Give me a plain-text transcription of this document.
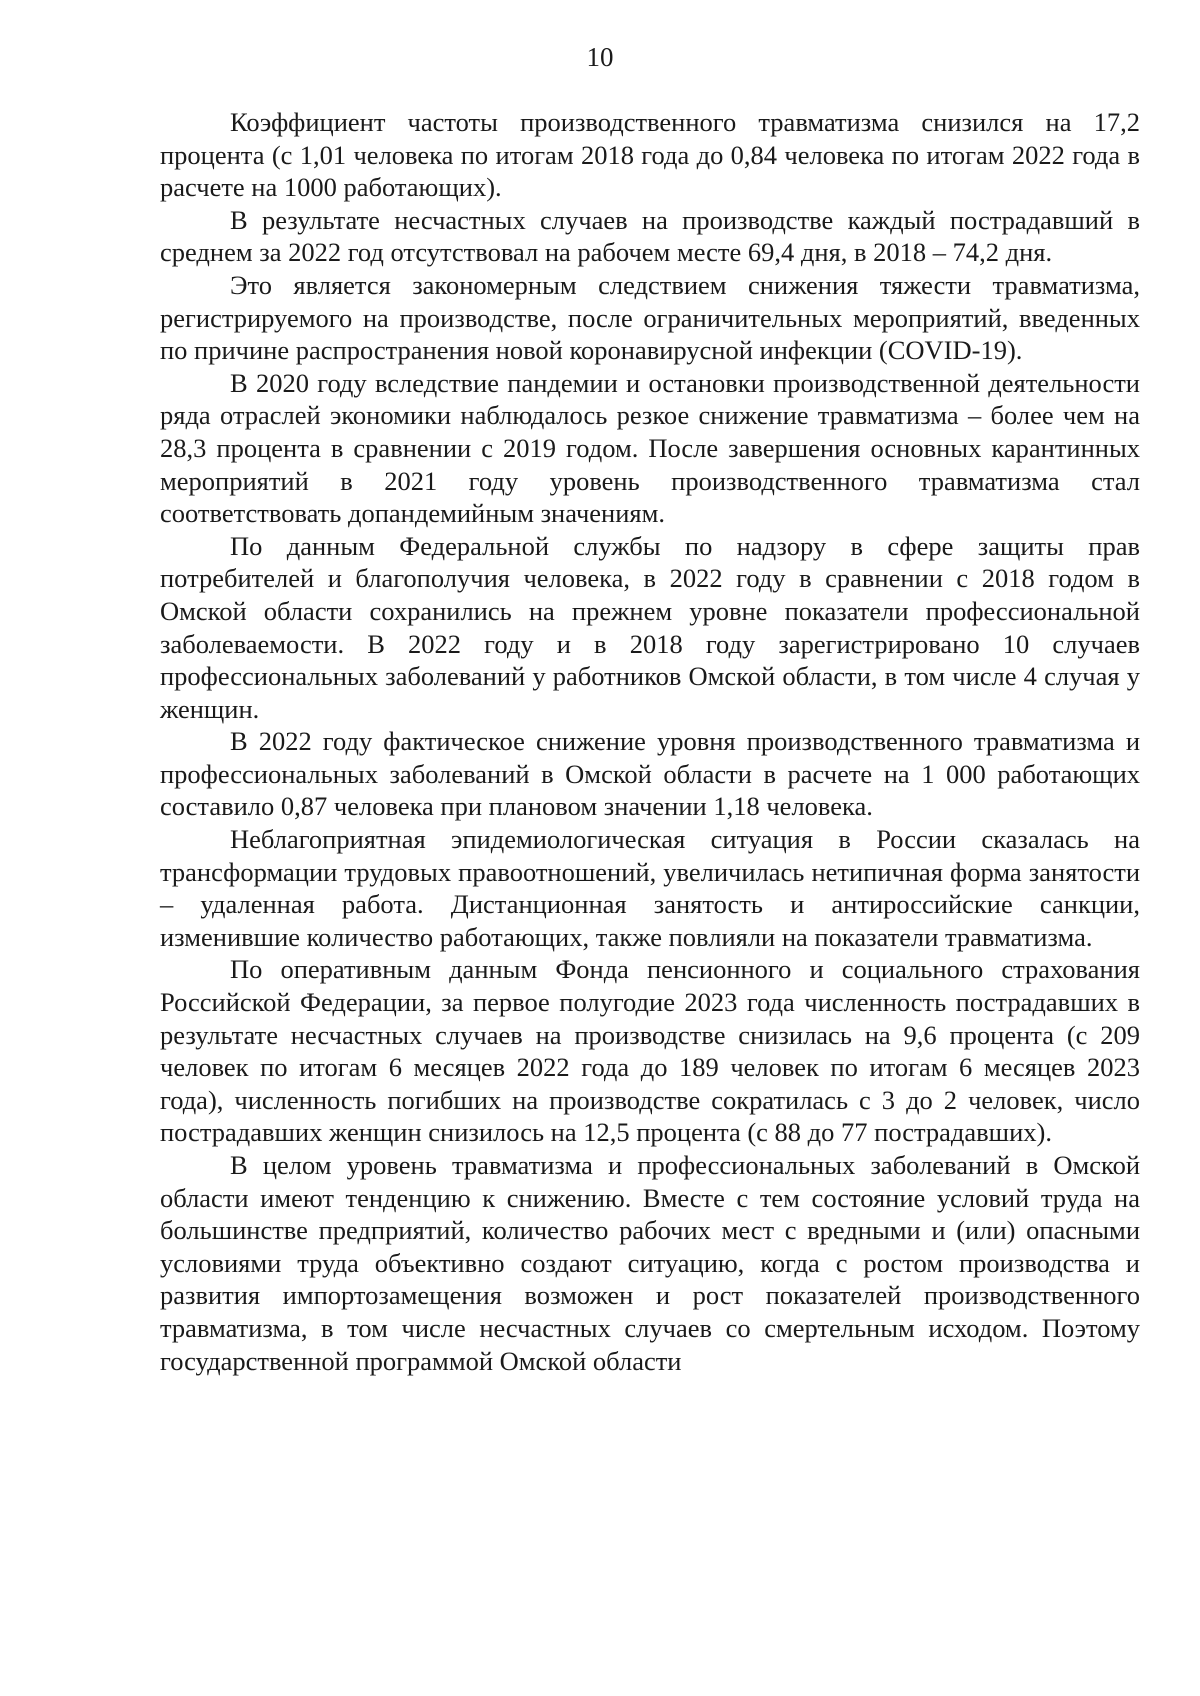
10

Коэффициент частоты производственного травматизма снизился на 17,2 процента (с 1,01 человека по итогам 2018 года до 0,84 человека по итогам 2022 года в расчете на 1000 работающих).

В результате несчастных случаев на производстве каждый пострадавший в среднем за 2022 год отсутствовал на рабочем месте 69,4 дня, в 2018 – 74,2 дня.

Это является закономерным следствием снижения тяжести травматизма, регистрируемого на производстве, после ограничительных мероприятий, введенных по причине распространения новой коронавирусной инфекции (COVID-19).

В 2020 году вследствие пандемии и остановки производственной деятельности ряда отраслей экономики наблюдалось резкое снижение травматизма – более чем на 28,3 процента в сравнении с 2019 годом. После завершения основных карантинных мероприятий в 2021 году уровень производственного травматизма стал соответствовать допандемийным значениям.

По данным Федеральной службы по надзору в сфере защиты прав потребителей и благополучия человека, в 2022 году в сравнении с 2018 годом в Омской области сохранились на прежнем уровне показатели профессиональной заболеваемости. В 2022 году и в 2018 году зарегистрировано 10 случаев профессиональных заболеваний у работников Омской области, в том числе 4 случая у женщин.

В 2022 году фактическое снижение уровня производственного травматизма и профессиональных заболеваний в Омской области в расчете на 1 000 работающих составило 0,87 человека при плановом значении 1,18 человека.

Неблагоприятная эпидемиологическая ситуация в России сказалась на трансформации трудовых правоотношений, увеличилась нетипичная форма занятости – удаленная работа. Дистанционная занятость и антироссийские санкции, изменившие количество работающих, также повлияли на показатели травматизма.

По оперативным данным Фонда пенсионного и социального страхования Российской Федерации, за первое полугодие 2023 года численность пострадавших в результате несчастных случаев на производстве снизилась на 9,6 процента (с 209 человек по итогам 6 месяцев 2022 года до 189 человек по итогам 6 месяцев 2023 года), численность погибших на производстве сократилась с 3 до 2 человек, число пострадавших женщин снизилось на 12,5 процента (с 88 до 77 пострадавших).

В целом уровень травматизма и профессиональных заболеваний в Омской области имеют тенденцию к снижению. Вместе с тем состояние условий труда на большинстве предприятий, количество рабочих мест с вредными и (или) опасными условиями труда объективно создают ситуацию, когда с ростом производства и развития импортозамещения возможен и рост показателей производственного травматизма, в том числе несчастных случаев со смертельным исходом. Поэтому государственной программой Омской области
